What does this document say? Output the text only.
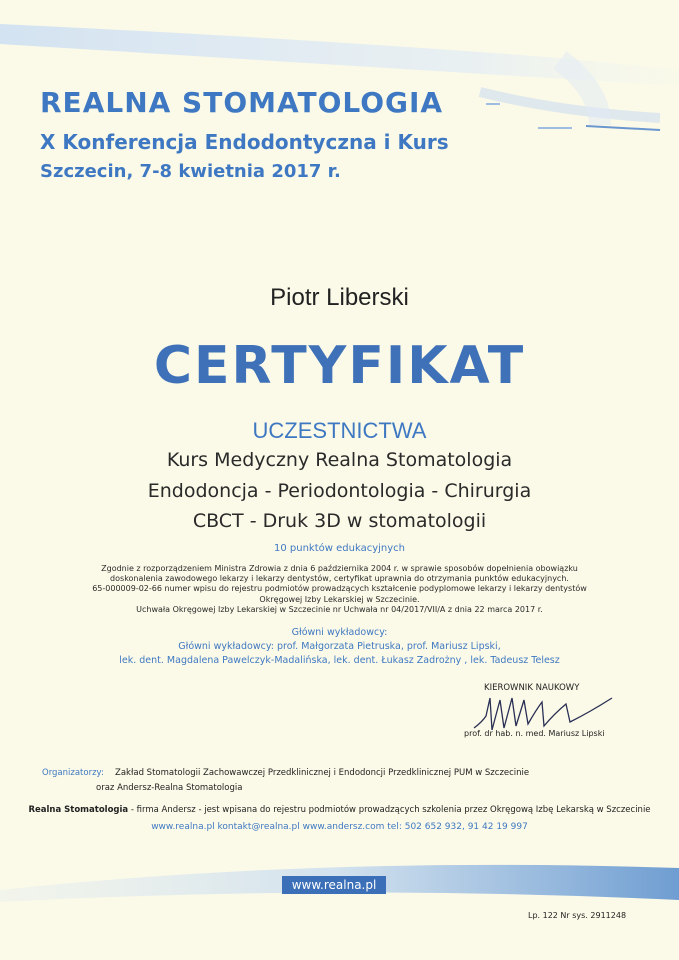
REALNA STOMATOLOGIA
X Konferencja Endodontyczna i Kurs
Szczecin, 7-8 kwietnia 2017 r.
Piotr Liberski
CERTYFIKAT
UCZESTNICTWA
Kurs Medyczny Realna Stomatologia
Endodoncja - Periodontologia - Chirurgia
CBCT - Druk 3D w stomatologii
10 punktów edukacyjnych
Zgodnie z rozporządzeniem Ministra Zdrowia z dnia 6 października 2004 r. w sprawie sposobów dopełnienia obowiązku
doskonalenia zawodowego lekarzy i lekarzy dentystów, certyfikat uprawnia do otrzymania punktów edukacyjnych.
65-000009-02-66 numer wpisu do rejestru podmiotów prowadzących kształcenie podyplomowe lekarzy i lekarzy dentystów
Okręgowej Izby Lekarskiej w Szczecinie.
Uchwała Okręgowej Izby Lekarskiej w Szczecinie nr Uchwała nr 04/2017/VII/A z dnia 22 marca 2017 r.
Główni wykładowcy:
Główni wykładowcy: prof. Małgorzata Pietruska, prof. Mariusz Lipski,
lek. dent. Magdalena Pawelczyk-Madalińska, lek. dent. Łukasz Zadrożny , lek. Tadeusz Telesz
KIEROWNIK NAUKOWY
prof. dr hab. n. med. Mariusz Lipski
Organizatorzy: Zakład Stomatologii Zachowawczej Przedklinicznej i Endodoncji Przedklinicznej PUM w Szczecinie
oraz Andersz-Realna Stomatologia
Realna Stomatologia - firma Andersz - jest wpisana do rejestru podmiotów prowadzących szkolenia przez Okręgową Izbę Lekarską w Szczecinie
www.realna.pl kontakt@realna.pl www.andersz.com tel: 502 652 932, 91 42 19 997
www.realna.pl
Lp. 122 Nr sys. 2911248
